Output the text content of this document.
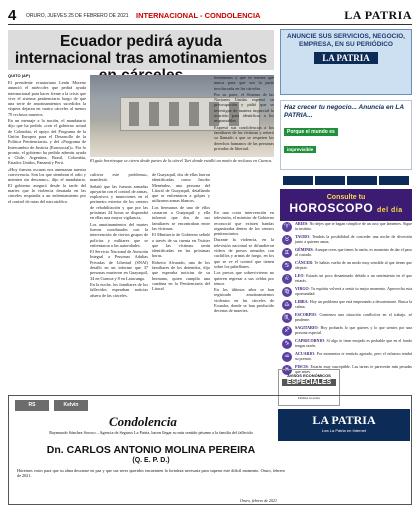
4	ORURO, JUEVES 25 DE FEBRERO DE 2021 INTERNACIONAL - CONDOLENCIA	LA PATRIA
Ecuador pedirá ayuda internacional tras amotinamientos
QUITO (AP)

El presidente ecuatoriano Lenín Moreno anunció el miércoles que pedirá ayuda internacional para hacer frente a la crisis que vive el sistema penitenciario luego de que una serie de amotinamientos sucedidos la víspera dejaran en cuatro cárceles al menos 79 reclusos muertos.

En un mensaje a la nación, el mandatario dijo que ha pedido «con el gobierno actual de Colombia, el apoyo del Programa de la Unión Europea para el Desarrollo de la Política Penitenciaria» y del «Programa de Intercambio de Justicia (Eurosocial)». Por lo pronto, el gobierno ha pedido además ayuda a Chile, Argentina, Brasil, Colombia, Estados Unidos, Panamá y Perú.

«Hoy fuerzas oscuras nos amenazan nuestra convivencia. Son los que siembran el odio y mienten sin descanso», dijo el mandatario. El gobierno aseguró desde la tarde del martes que la violencia desatada en las cárceles respondía a un enfrentamiento por el control de rutas del narcotráfico.

El guía borrinoque se cierra desde partes de la cárcel Turi donde estalló un motín de reclusos en Cuenca.

cultivar este problema», manifestó.

Señaló que las fuerzas armadas apoyarán con el control de armas, explosivos y municiones en el perímetro exterior de los centros de rehabilitación y que por las próximas 24 horas se dispondrá en ellas una mayor vigilancia.

Los amotinamientos del martes fueron coordinados con la intervención de ciertos grupos de policías y militares que se enfrentaron a las autoridades.

El Servicio Nacional de Atención Integral a Personas Adultas Privadas de Libertad (SNAI) detalló en un informe que 37 personas murieron en Guayaquil, 34 en Cuenca y 8 en Latacunga.

En la noche, los familiares de los fallecidos esperaban noticias afuera de las cárceles.

de Guayaquil, dos de ellas fueron identificadas como Jacobo Menéndez, una persona del Litoral de Guayaquil, detallando que se enfrentaron a golpes y utilizaron armas blancas.

Los hermanos de uno de ellos cruzaron a Guayaquil y ella informó que dos de sus familiares se encontraban entre las víctimas.

El Ministerio de Gobierno señaló a través de su cuenta en Twitter que las víctimas serán identificadas en las próximas horas.

Roberto Alvarado, uno de los familiares de los detenidos, dijo que esperaba noticias de su hermano, quien cumplía una condena en la Penitenciaría del Litoral.

fenómenos y que es menos que nunca para que sea la parte involucrada en las cárceles.

Por su parte, el Sistema de las Naciones Unidas expresó su preocupación y pidió que se investigue de manera imparcial lo ocurrido para identificar a los responsables.

Expresó sus condolencias a los familiares de las víctimas y reiteró su llamado a que se respeten los derechos humanos de las personas privadas de libertad.

En una corta intervención en televisión, el ministro de Gobierno reconoció que existen bandas organizadas dentro de los centros penitenciarios.

Durante la violencia, en la televisión nacional se difundieron videos de presos armados con cuchillos y armas de fuego, en los que se ve el control que tienen sobre los pabellones.

Los presos que sobrevivieron no quieren regresar a sus celdas por temor.

En los últimos años se han registrado amotinamientos violentos en las cárceles de Ecuador, donde se han producido decenas de muertes.

ANUNCIE SUS SERVICIOS, NEGOCIO, EMPRESA, EN SU PERIÓDICO
LA PATRIA
Haz crecer tu negocio... Anuncia en LA PATRIA...
Porque el mundo es
imprevisible
Consulte tu
HOROSCOPO del día
♈	ARIES: No dejes que te hagan cómplice de un acto que lamentes. Sigue tu instinto.

♉	TAURO: Tendrás la posibilidad de conceder una noche de diversión junto a quienes amas.

♊	GÉMINIS: Aunque creas que tienes la razón, es momento de dar el paso al costado.

♋	CÁNCER: Te habías vuelto de un modo muy sensible al que tienes que alejarte.

♌	LEO: Estarás un poco desanimado debido a un sentimiento en el que estarás.

♍	VIRGO: Tu espíritu volverá a sentir tu mejor momento. Aprovecha esta oportunidad.

♎	LIBRA: Hoy un problema que está empezando a desorientarte. Busca la calma.

♏	ESCORPIO: Comienza una situación conflictiva en el trabajo, sé prudente.

♐	SAGITARIO: Hoy probarás lo que quieres y lo que sientes por una persona especial.

♑	CAPRICORNIO: Si algo te tiene enojado es probable que en el fondo tengas razón.

♒	ACUARIO: Por momentos te sentirás agotado, pero el esfuerzo tendrá su premio.

♓	PISCIS: Estarás muy susceptible. Las tareas te parecerán más pesadas que antes.

AVISOS ECONÓMICOS
ESPECIALES
Dedica tu aviso
RS	Kelvin
Condolencia
Raymundo Sánchez Soruco – Agencia de Seguros La Patria, hacen llegar su más sentido pésame a la familia del fallecido
Dn. CARLOS ANTONIO MOLINA PEREIRA
(Q. E. P. D.)
Hacemos votos para que su alma descanse en paz y que sus seres queridos encuentren la fortaleza necesaria para superar este difícil momento. Oruro, febrero de 2021.
Oruro, febrero de 2021
LA PATRIA
Lea La Patria en Internet
